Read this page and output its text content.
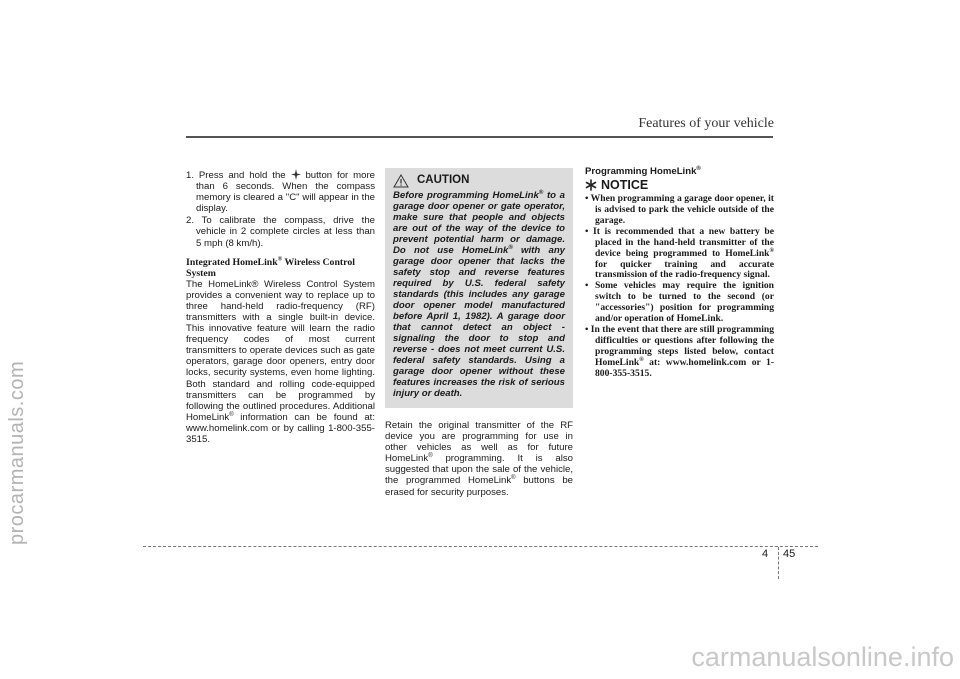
procarmanuals.com
Features of your vehicle

1. Press and hold the  button for more than 6 seconds. When the compass memory is cleared a "C" will appear in the display.

2. To calibrate the compass, drive the vehicle in 2 complete circles at less than 5 mph (8 km/h).

Integrated HomeLink® Wireless Control System

The HomeLink® Wireless Control System provides a convenient way to replace up to three hand-held radio-frequency (RF) transmitters with a single built-in device. This innovative feature will learn the radio frequency codes of most current transmitters to operate devices such as gate operators, garage door openers, entry door locks, security systems, even home lighting. Both standard and rolling code-equipped transmitters can be programmed by following the outlined procedures. Additional HomeLink® information can be found at: www.homelink.com or by calling 1-800-355-3515.

CAUTION

Before programming HomeLink® to a garage door opener or gate operator, make sure that people and objects are out of the way of the device to prevent potential harm or damage. Do not use HomeLink® with any garage door opener that lacks the safety stop and reverse features required by U.S. federal safety standards (this includes any garage door opener model manufactured before April 1, 1982). A garage door that cannot detect an object - signaling the door to stop and reverse - does not meet current U.S. federal safety standards. Using a garage door opener without these features increases the risk of serious injury or death.

Retain the original transmitter of the RF device you are programming for use in other vehicles as well as for future HomeLink® programming. It is also suggested that upon the sale of the vehicle, the programmed HomeLink® buttons be erased for security purposes.

Programming HomeLink®

NOTICE

• When programming a garage door opener, it is advised to park the vehicle outside of the garage.
• It is recommended that a new battery be placed in the hand-held transmitter of the device being programmed to HomeLink® for quicker training and accurate transmission of the radio-frequency signal.
• Some vehicles may require the ignition switch to be turned to the second (or "accessories") position for programming and/or operation of HomeLink.
• In the event that there are still programming difficulties or questions after following the programming steps listed below, contact HomeLink® at: www.homelink.com or 1-800-355-3515.
4 45
carmanualsonline.info
